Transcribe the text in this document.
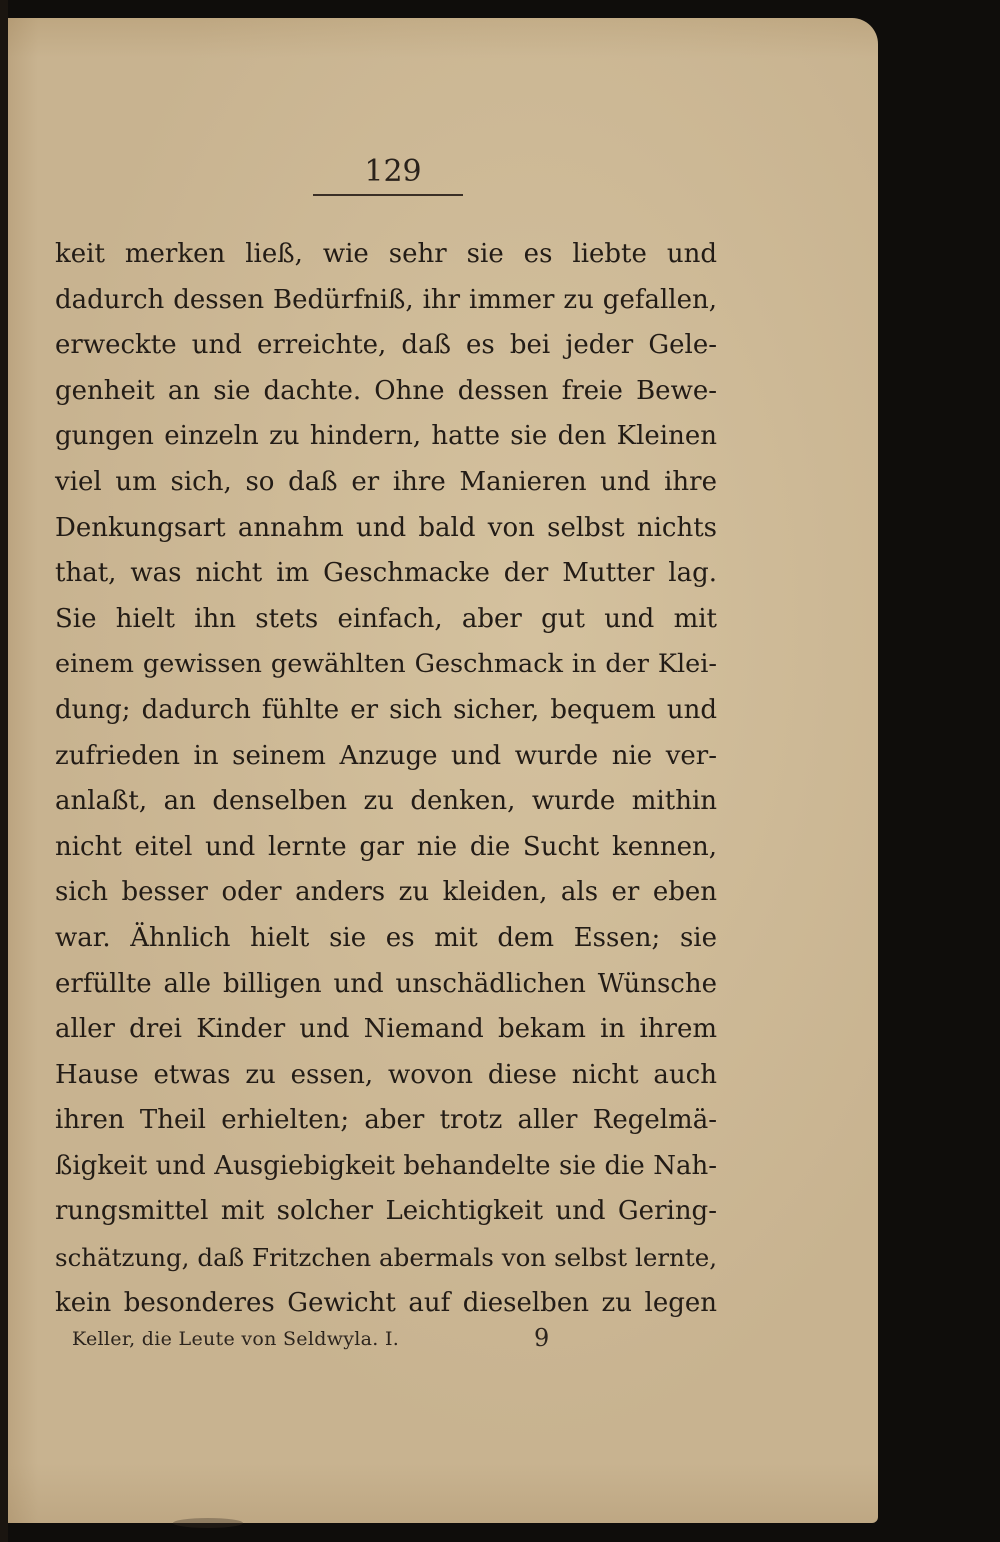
129
keit merken ließ, wie sehr sie es liebte und
dadurch dessen Bedürfniß, ihr immer zu gefallen,
erweckte und erreichte, daß es bei jeder Gele-
genheit an sie dachte. Ohne dessen freie Bewe-
gungen einzeln zu hindern, hatte sie den Kleinen
viel um sich, so daß er ihre Manieren und ihre
Denkungsart annahm und bald von selbst nichts
that, was nicht im Geschmacke der Mutter lag.
Sie hielt ihn stets einfach, aber gut und mit
einem gewissen gewählten Geschmack in der Klei-
dung; dadurch fühlte er sich sicher, bequem und
zufrieden in seinem Anzuge und wurde nie ver-
anlaßt, an denselben zu denken, wurde mithin
nicht eitel und lernte gar nie die Sucht kennen,
sich besser oder anders zu kleiden, als er eben
war. Ähnlich hielt sie es mit dem Essen; sie
erfüllte alle billigen und unschädlichen Wünsche
aller drei Kinder und Niemand bekam in ihrem
Hause etwas zu essen, wovon diese nicht auch
ihren Theil erhielten; aber trotz aller Regelmä-
ßigkeit und Ausgiebigkeit behandelte sie die Nah-
rungsmittel mit solcher Leichtigkeit und Gering-
schätzung, daß Fritzchen abermals von selbst lernte,
kein besonderes Gewicht auf dieselben zu legen
Keller, die Leute von Seldwyla. I.	9
